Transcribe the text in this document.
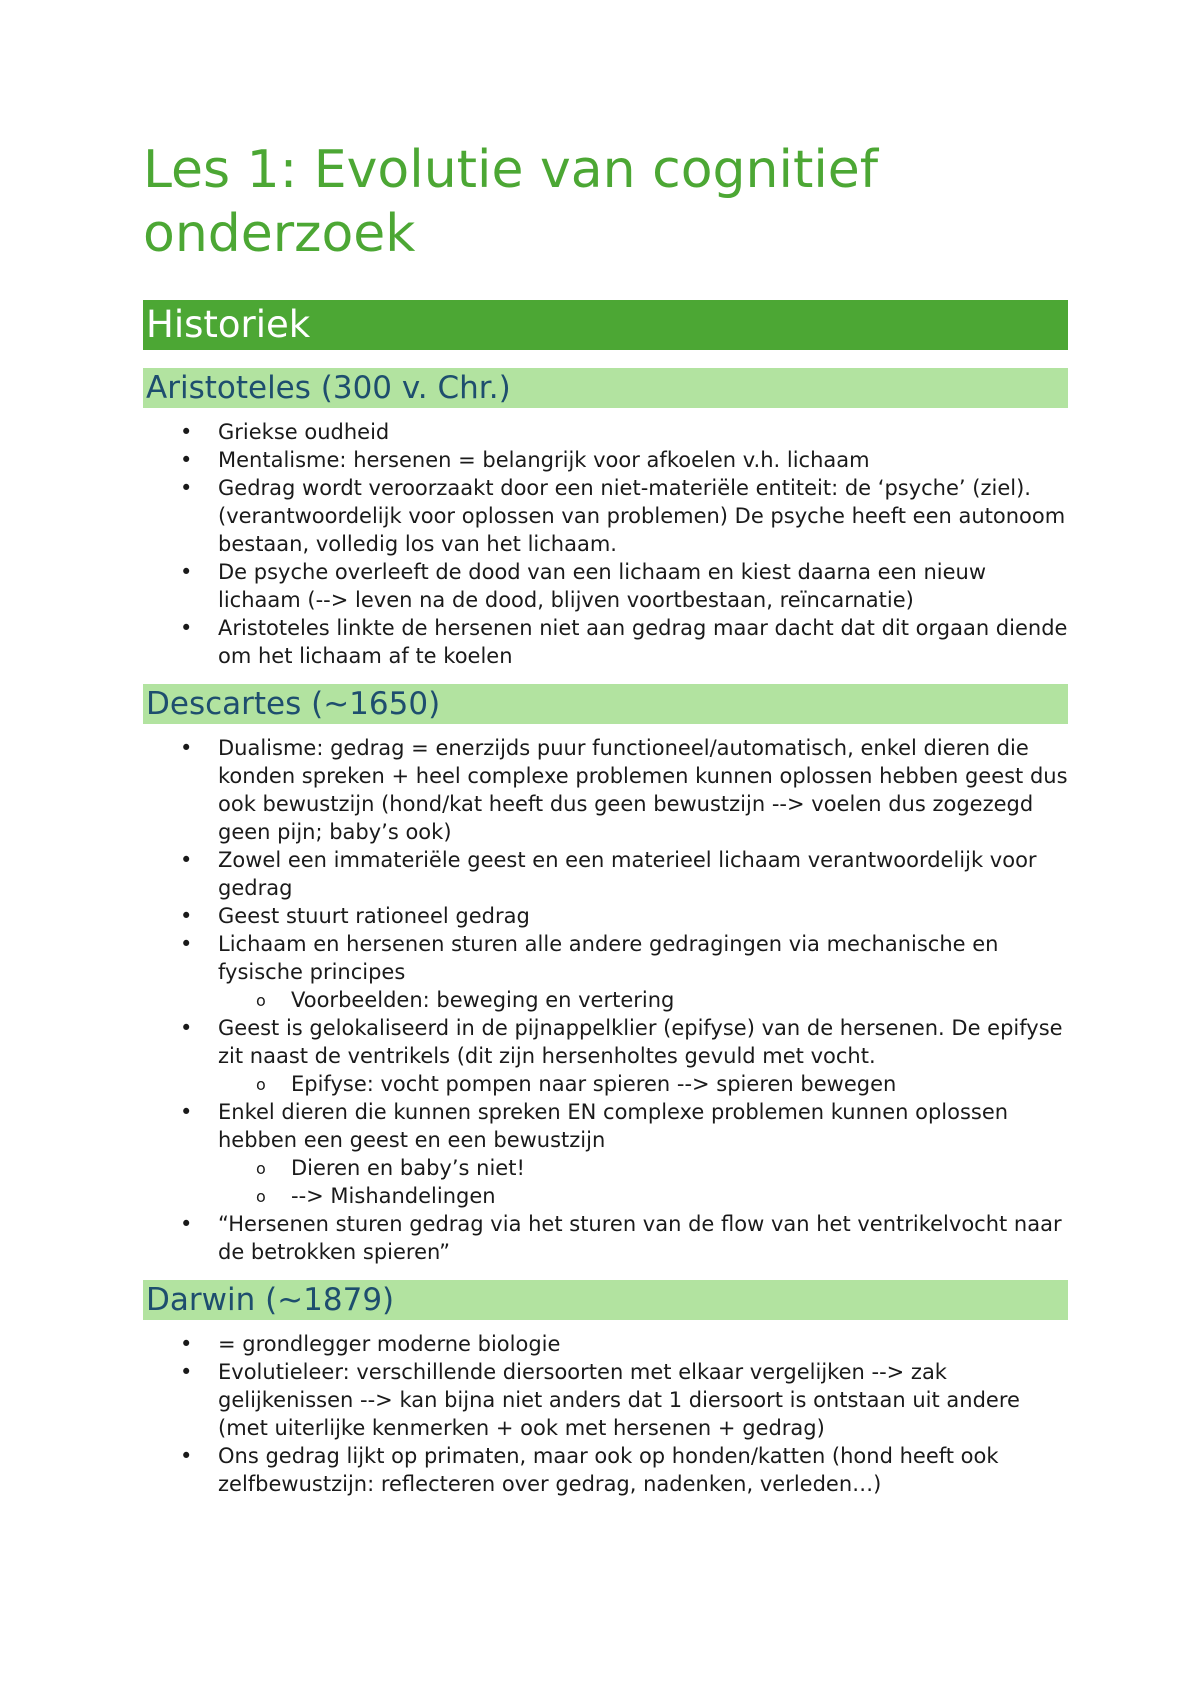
Les 1: Evolutie van cognitief onderzoek
Historiek
Aristoteles (300 v. Chr.)
• Griekse oudheid
• Mentalisme: hersenen = belangrijk voor afkoelen v.h. lichaam
• Gedrag wordt veroorzaakt door een niet-materiële entiteit: de ‘psyche’ (ziel). (verantwoordelijk voor oplossen van problemen) De psyche heeft een autonoom bestaan, volledig los van het lichaam.
• De psyche overleeft de dood van een lichaam en kiest daarna een nieuw lichaam (--> leven na de dood, blijven voortbestaan, reïncarnatie)
• Aristoteles linkte de hersenen niet aan gedrag maar dacht dat dit orgaan diende om het lichaam af te koelen
Descartes (~1650)
• Dualisme: gedrag = enerzijds puur functioneel/automatisch, enkel dieren die konden spreken + heel complexe problemen kunnen oplossen hebben geest dus ook bewustzijn (hond/kat heeft dus geen bewustzijn --> voelen dus zogezegd geen pijn; baby’s ook)
• Zowel een immateriële geest en een materieel lichaam verantwoordelijk voor gedrag
• Geest stuurt rationeel gedrag
• Lichaam en hersenen sturen alle andere gedragingen via mechanische en fysische principes
o Voorbeelden: beweging en vertering
• Geest is gelokaliseerd in de pijnappelklier (epifyse) van de hersenen. De epifyse zit naast de ventrikels (dit zijn hersenholtes gevuld met vocht.
o Epifyse: vocht pompen naar spieren --> spieren bewegen
• Enkel dieren die kunnen spreken EN complexe problemen kunnen oplossen hebben een geest en een bewustzijn
o Dieren en baby’s niet!
o --> Mishandelingen
• “Hersenen sturen gedrag via het sturen van de flow van het ventrikelvocht naar de betrokken spieren”
Darwin (~1879)
• = grondlegger moderne biologie
• Evolutieleer: verschillende diersoorten met elkaar vergelijken --> zak gelijkenissen --> kan bijna niet anders dat 1 diersoort is ontstaan uit andere (met uiterlijke kenmerken + ook met hersenen + gedrag)
• Ons gedrag lijkt op primaten, maar ook op honden/katten (hond heeft ook zelfbewustzijn: reflecteren over gedrag, nadenken, verleden…)
